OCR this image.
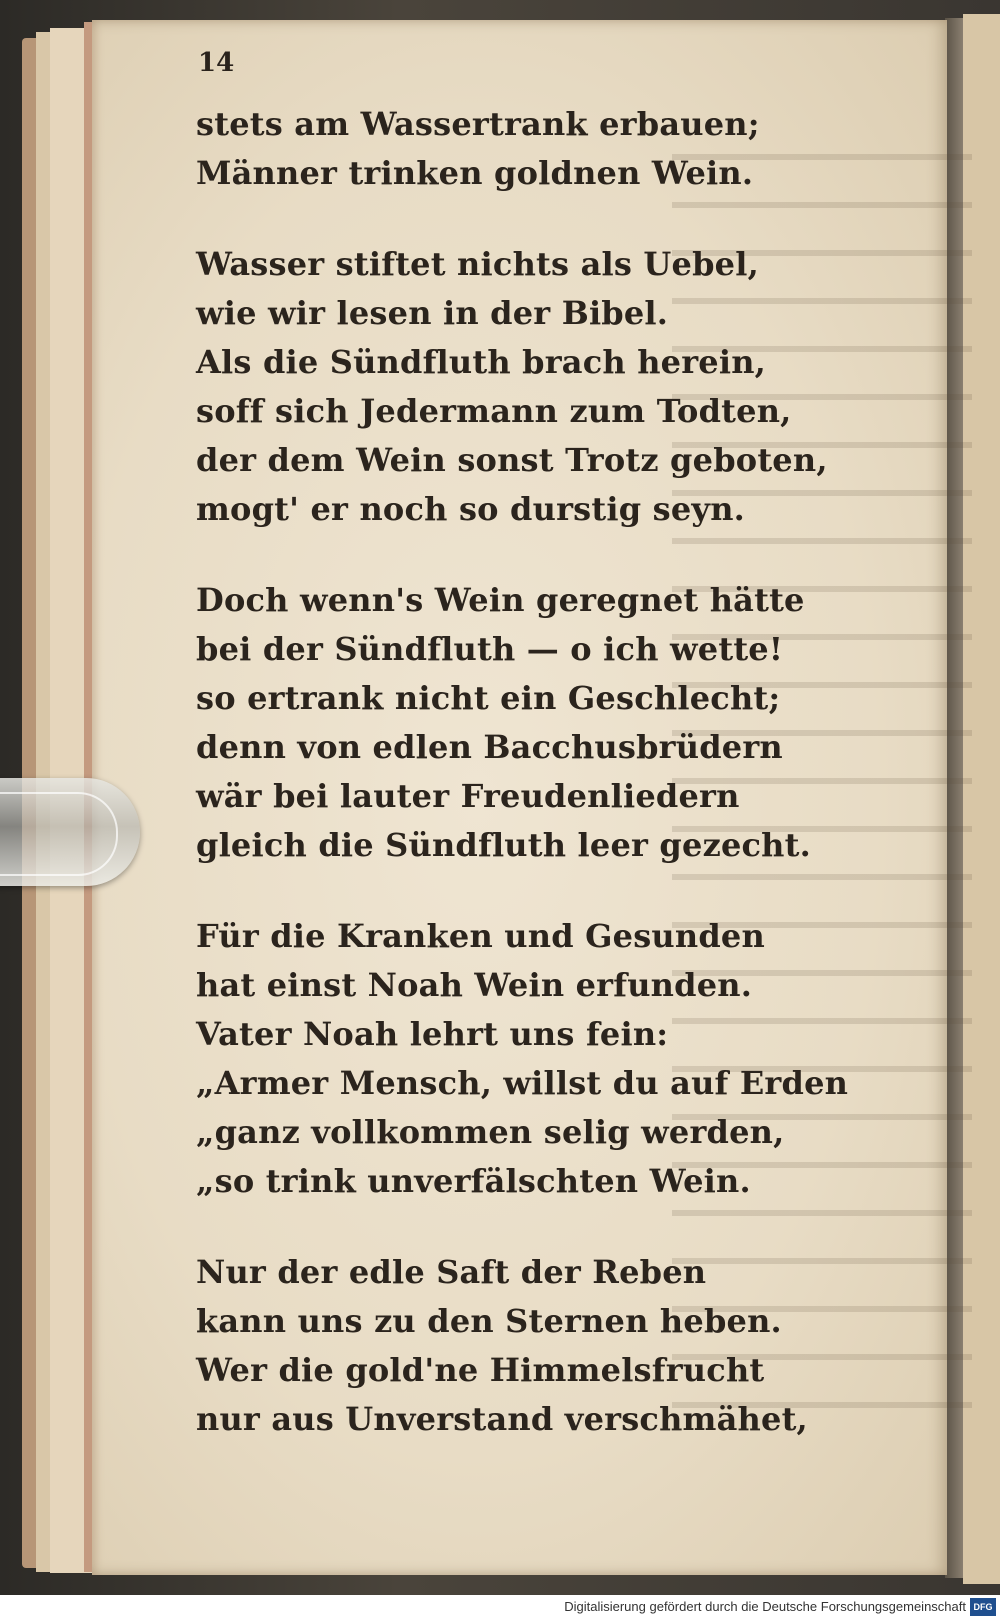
14
stets am Wassertrank erbauen;
Männer trinken goldnen Wein.
Wasser stiftet nichts als Uebel,
wie wir lesen in der Bibel.
Als die Sündfluth brach herein,
soff sich Jedermann zum Todten,
der dem Wein sonst Trotz geboten,
mogt' er noch so durstig seyn.
Doch wenn's Wein geregnet hätte
bei der Sündfluth — o ich wette!
so ertrank nicht ein Geschlecht;
denn von edlen Bacchusbrüdern
wär bei lauter Freudenliedern
gleich die Sündfluth leer gezecht.
Für die Kranken und Gesunden
hat einst Noah Wein erfunden.
Vater Noah lehrt uns fein:
„Armer Mensch, willst du auf Erden
„ganz vollkommen selig werden,
„so trink unverfälschten Wein.
Nur der edle Saft der Reben
kann uns zu den Sternen heben.
Wer die gold'ne Himmelsfrucht
nur aus Unverstand verschmähet,
Digitalisierung gefördert durch die Deutsche Forschungsgemeinschaft DFG
